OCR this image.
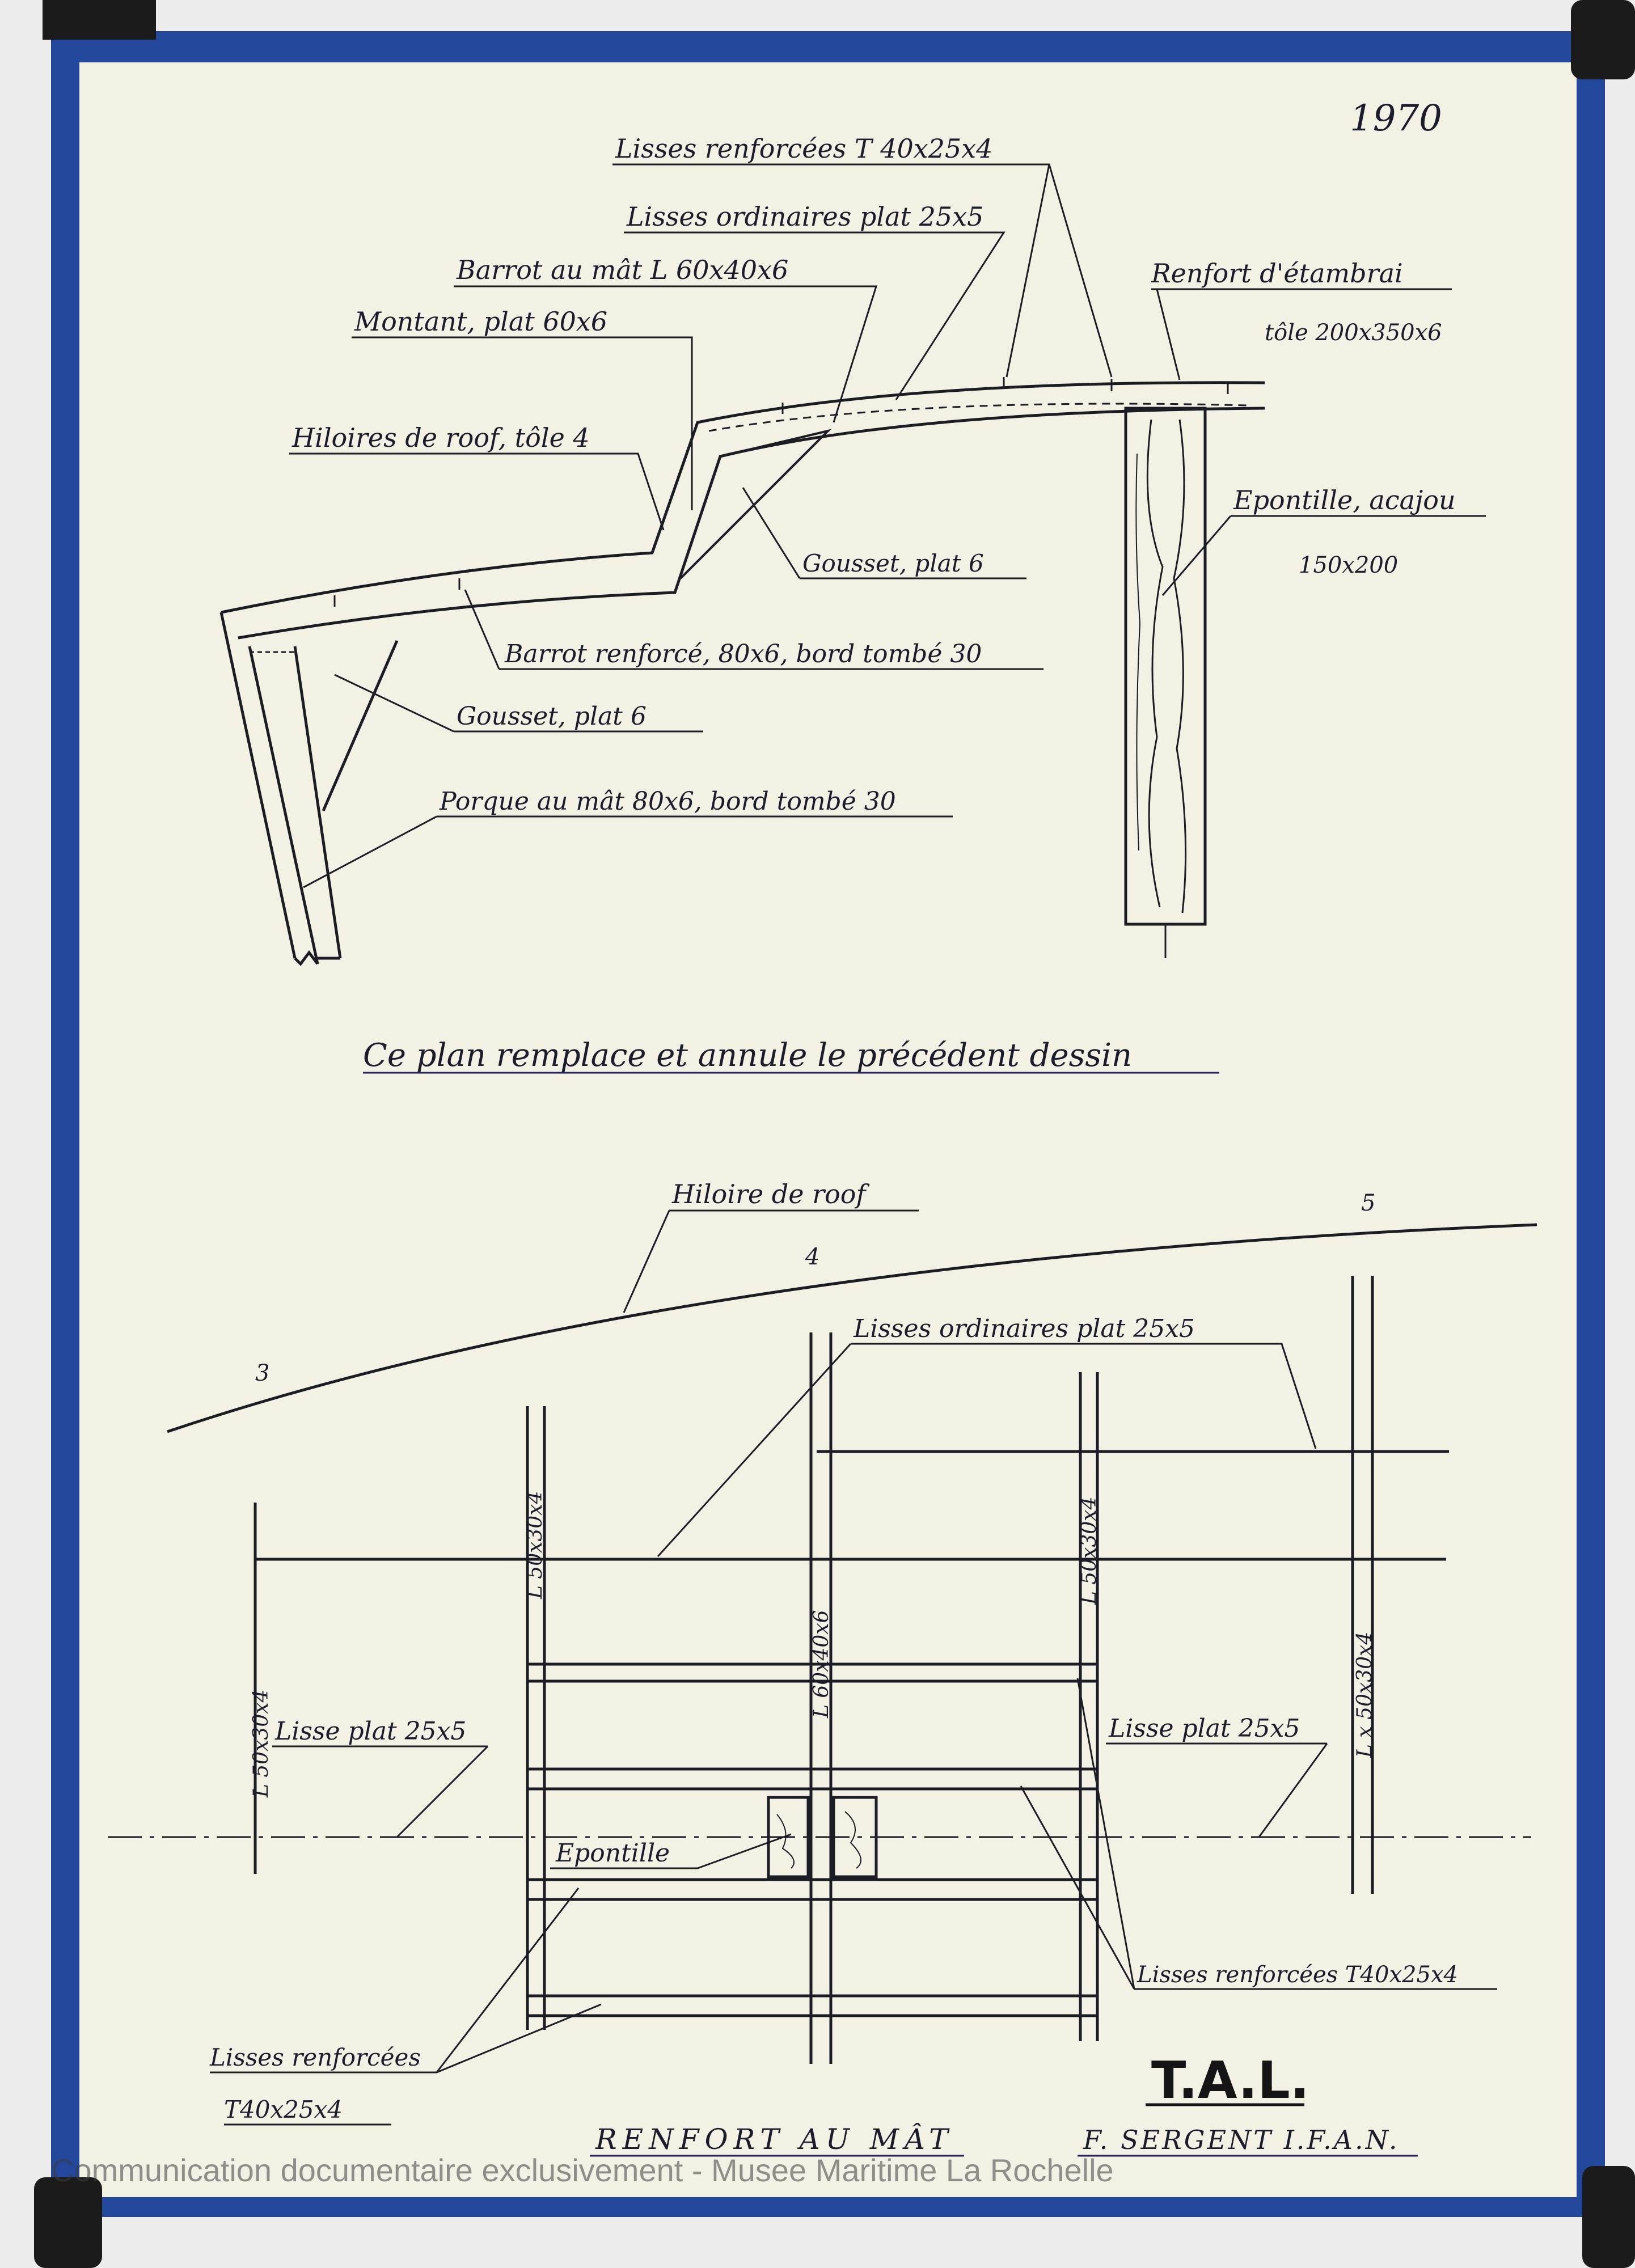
1970
Lisses renforcées T 40x25x4
Lisses ordinaires plat 25x5
Barrot au mât L 60x40x6
Montant, plat 60x6
Hiloires de roof, tôle 4
Renfort d'étambrai
tôle 200x350x6
Epontille, acajou
150x200
Gousset, plat 6
Barrot renforcé, 80x6, bord tombé 30
Gousset, plat 6
Porque au mât 80x6, bord tombé 30
Ce plan remplace et annule le précédent dessin
3
4
5
Hiloire de roof
Lisses ordinaires plat 25x5
Lisse plat 25x5	Lisse plat 25x5
Epontille
Lisses renforcées T40x25x4
Lisses renforcées
T40x25x4
L 50x30x4
L 50x30x4
L 60x40x6
L 50x30x4
L x 50x30x4
T.A.L.
RENFORT AU MÂT	F. SERGENT I.F.A.N.
Communication documentaire exclusivement - Musee Maritime La Rochelle
